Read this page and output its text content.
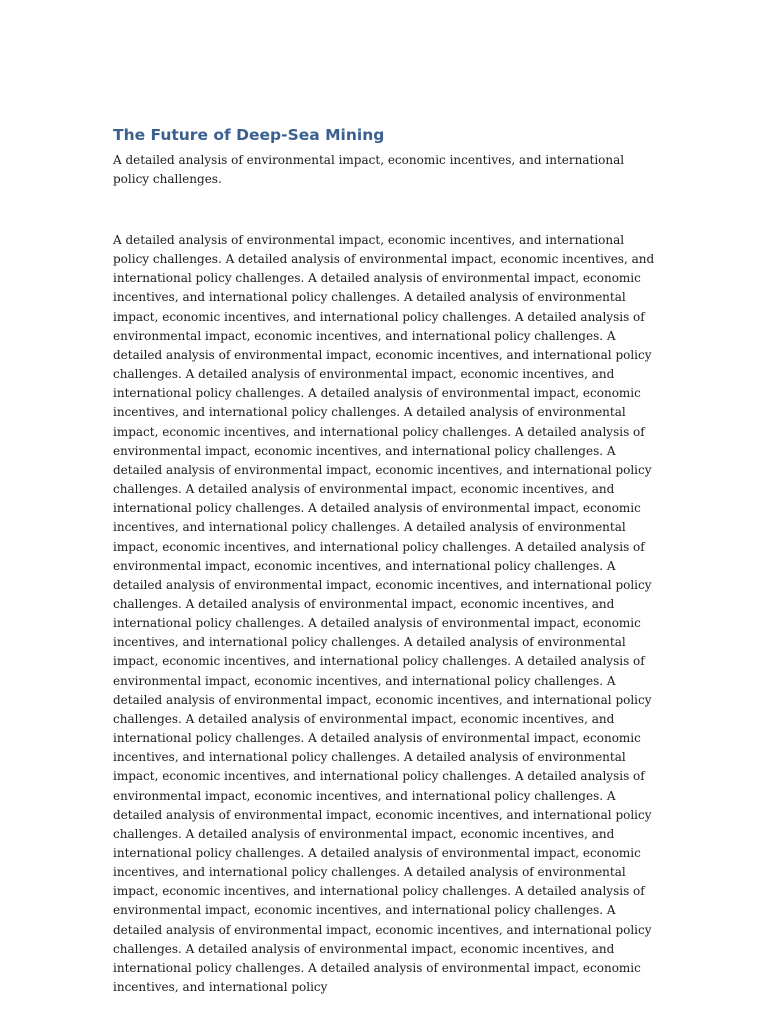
The Future of Deep-Sea Mining

A detailed analysis of environmental impact, economic incentives, and international policy challenges.

A detailed analysis of environmental impact, economic incentives, and international policy challenges. A detailed analysis of environmental impact, economic incentives, and international policy challenges. A detailed analysis of environmental impact, economic incentives, and international policy challenges. A detailed analysis of environmental impact, economic incentives, and international policy challenges. A detailed analysis of environmental impact, economic incentives, and international policy challenges. A detailed analysis of environmental impact, economic incentives, and international policy challenges. A detailed analysis of environmental impact, economic incentives, and international policy challenges. A detailed analysis of environmental impact, economic incentives, and international policy challenges. A detailed analysis of environmental impact, economic incentives, and international policy challenges. A detailed analysis of environmental impact, economic incentives, and international policy challenges. A detailed analysis of environmental impact, economic incentives, and international policy challenges. A detailed analysis of environmental impact, economic incentives, and international policy challenges. A detailed analysis of environmental impact, economic incentives, and international policy challenges. A detailed analysis of environmental impact, economic incentives, and international policy challenges. A detailed analysis of environmental impact, economic incentives, and international policy challenges. A detailed analysis of environmental impact, economic incentives, and international policy challenges. A detailed analysis of environmental impact, economic incentives, and international policy challenges. A detailed analysis of environmental impact, economic incentives, and international policy challenges. A detailed analysis of environmental impact, economic incentives, and international policy challenges. A detailed analysis of environmental impact, economic incentives, and international policy challenges. A detailed analysis of environmental impact, economic incentives, and international policy challenges. A detailed analysis of environmental impact, economic incentives, and international policy challenges. A detailed analysis of environmental impact, economic incentives, and international policy challenges. A detailed analysis of environmental impact, economic incentives, and international policy challenges. A detailed analysis of environmental impact, economic incentives, and international policy challenges. A detailed analysis of environmental impact, economic incentives, and international policy challenges. A detailed analysis of environmental impact, economic incentives, and international policy challenges. A detailed analysis of environmental impact, economic incentives, and international policy challenges. A detailed analysis of environmental impact, economic incentives, and international policy challenges. A detailed analysis of environmental impact, economic incentives, and international policy challenges. A detailed analysis of environmental impact, economic incentives, and international policy challenges. A detailed analysis of environmental impact, economic incentives, and international policy challenges. A detailed analysis of environmental impact, economic incentives, and international policy
